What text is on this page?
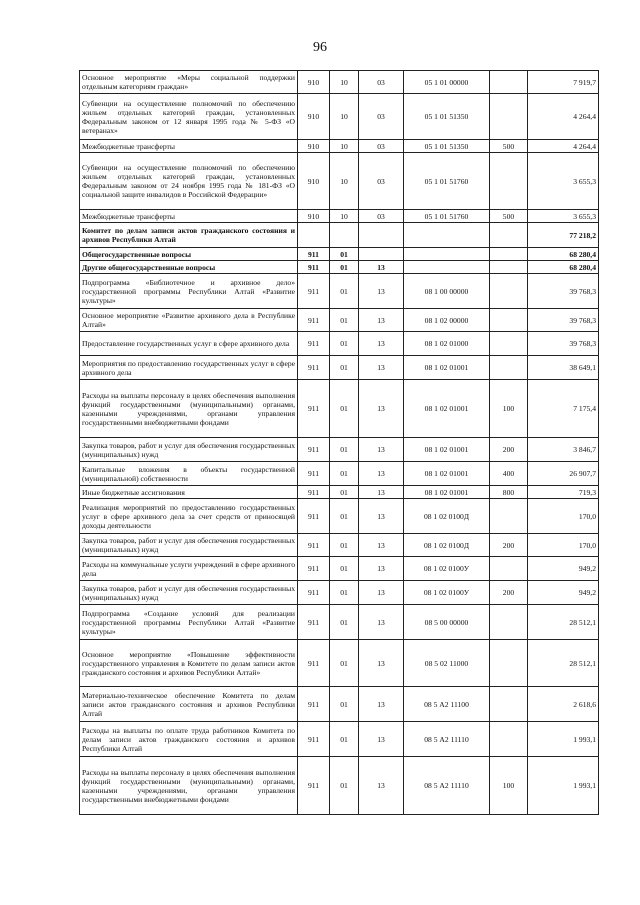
96
Основное мероприятие «Меры социальной поддержки отдельным категориям граждан»	910	10	03	05 1 01 00000		7 919,7
Субвенции на осуществление полномочий по обеспечению жильем отдельных категорий граждан, установленных Федеральным законом от 12 января 1995 года № 5-ФЗ «О ветеранах»	910	10	03	05 1 01 51350		4 264,4
Межбюджетные трансферты	910	10	03	05 1 01 51350	500	4 264,4
Субвенции на осуществление полномочий по обеспечению жильем отдельных категорий граждан, установленных Федеральным законом от 24 ноября 1995 года № 181-ФЗ «О социальной защите инвалидов в Российской Федерации»	910	10	03	05 1 01 51760		3 655,3
Межбюджетные трансферты	910	10	03	05 1 01 51760	500	3 655,3
Комитет по делам записи актов гражданского состояния и архивов Республики Алтай						77 218,2
Общегосударственные вопросы	911	01				68 280,4
Другие общегосударственные вопросы	911	01	13			68 280,4
Подпрограмма «Библиотечное и архивное дело» государственной программы Республики Алтай «Развитие культуры»	911	01	13	08 1 00 00000		39 768,3
Основное мероприятие «Развитие архивного дела в Республике Алтай»	911	01	13	08 1 02 00000		39 768,3
Предоставление государственных услуг в сфере архивного дела	911	01	13	08 1 02 01000		39 768,3
Мероприятия по предоставлению государственных услуг в сфере архивного дела	911	01	13	08 1 02 01001		38 649,1
Расходы на выплаты персоналу в целях обеспечения выполнения функций государственными (муниципальными) органами, казенными учреждениями, органами управления государственными внебюджетными фондами	911	01	13	08 1 02 01001	100	7 175,4
Закупка товаров, работ и услуг для обеспечения государственных (муниципальных) нужд	911	01	13	08 1 02 01001	200	3 846,7
Капитальные вложения в объекты государственной (муниципальной) собственности	911	01	13	08 1 02 01001	400	26 907,7
Иные бюджетные ассигнования	911	01	13	08 1 02 01001	800	719,3
Реализация мероприятий по предоставлению государственных услуг в сфере архивного дела за счет средств от приносящей доходы деятельности	911	01	13	08 1 02 0100Д		170,0
Закупка товаров, работ и услуг для обеспечения государственных (муниципальных) нужд	911	01	13	08 1 02 0100Д	200	170,0
Расходы на коммунальные услуги учреждений в сфере архивного дела	911	01	13	08 1 02 0100У		949,2
Закупка товаров, работ и услуг для обеспечения государственных (муниципальных) нужд	911	01	13	08 1 02 0100У	200	949,2
Подпрограмма «Создание условий для реализации государственной программы Республики Алтай «Развитие культуры»	911	01	13	08 5 00 00000		28 512,1
Основное мероприятие «Повышение эффективности государственного управления в Комитете по делам записи актов гражданского состояния и архивов Республики Алтай»	911	01	13	08 5 02 11000		28 512,1
Материально-техническое обеспечение Комитета по делам записи актов гражданского состояния и архивов Республики Алтай	911	01	13	08 5 А2 11100		2 618,6
Расходы на выплаты по оплате труда работников Комитета по делам записи актов гражданского состояния и архивов Республики Алтай	911	01	13	08 5 А2 11110		1 993,1
Расходы на выплаты персоналу в целях обеспечения выполнения функций государственными (муниципальными) органами, казенными учреждениями, органами управления государственными внебюджетными фондами	911	01	13	08 5 А2 11110	100	1 993,1
